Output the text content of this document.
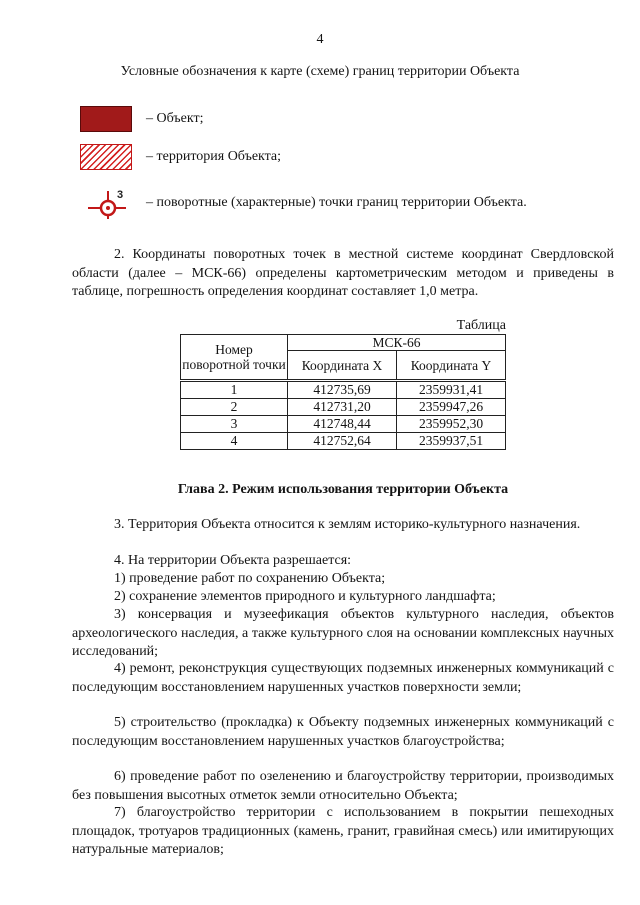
4
Условные обозначения к карте (схеме) границ территории Объекта
– Объект;
– территория Объекта;
3 – поворотные (характерные) точки границ территории Объекта.
2. Координаты поворотных точек в местной системе координат Свердловской области (далее – МСК-66) определены картометрическим методом и приведены в таблице, погрешность определения координат составляет 1,0 метра.
Таблица
Номер поворотной точки	МСК-66	
	Координата X	Координата Y
1	412735,69	2359931,41
2	412731,20	2359947,26
3	412748,44	2359952,30
4	412752,64	2359937,51
Глава 2. Режим использования территории Объекта
3. Территория Объекта относится к землям историко-культурного назначения.
4. На территории Объекта разрешается:
1) проведение работ по сохранению Объекта;
2) сохранение элементов природного и культурного ландшафта;
3) консервация и музеефикация объектов культурного наследия, объектов археологического наследия, а также культурного слоя на основании комплексных научных исследований;
4) ремонт, реконструкция существующих подземных инженерных коммуникаций с последующим восстановлением нарушенных участков поверхности земли;
5) строительство (прокладка) к Объекту подземных инженерных коммуникаций с последующим восстановлением нарушенных участков благоустройства;
6) проведение работ по озеленению и благоустройству территории, производимых без повышения высотных отметок земли относительно Объекта;
7) благоустройство территории с использованием в покрытии пешеходных площадок, тротуаров традиционных (камень, гранит, гравийная смесь) или имитирующих натуральные материалов;
